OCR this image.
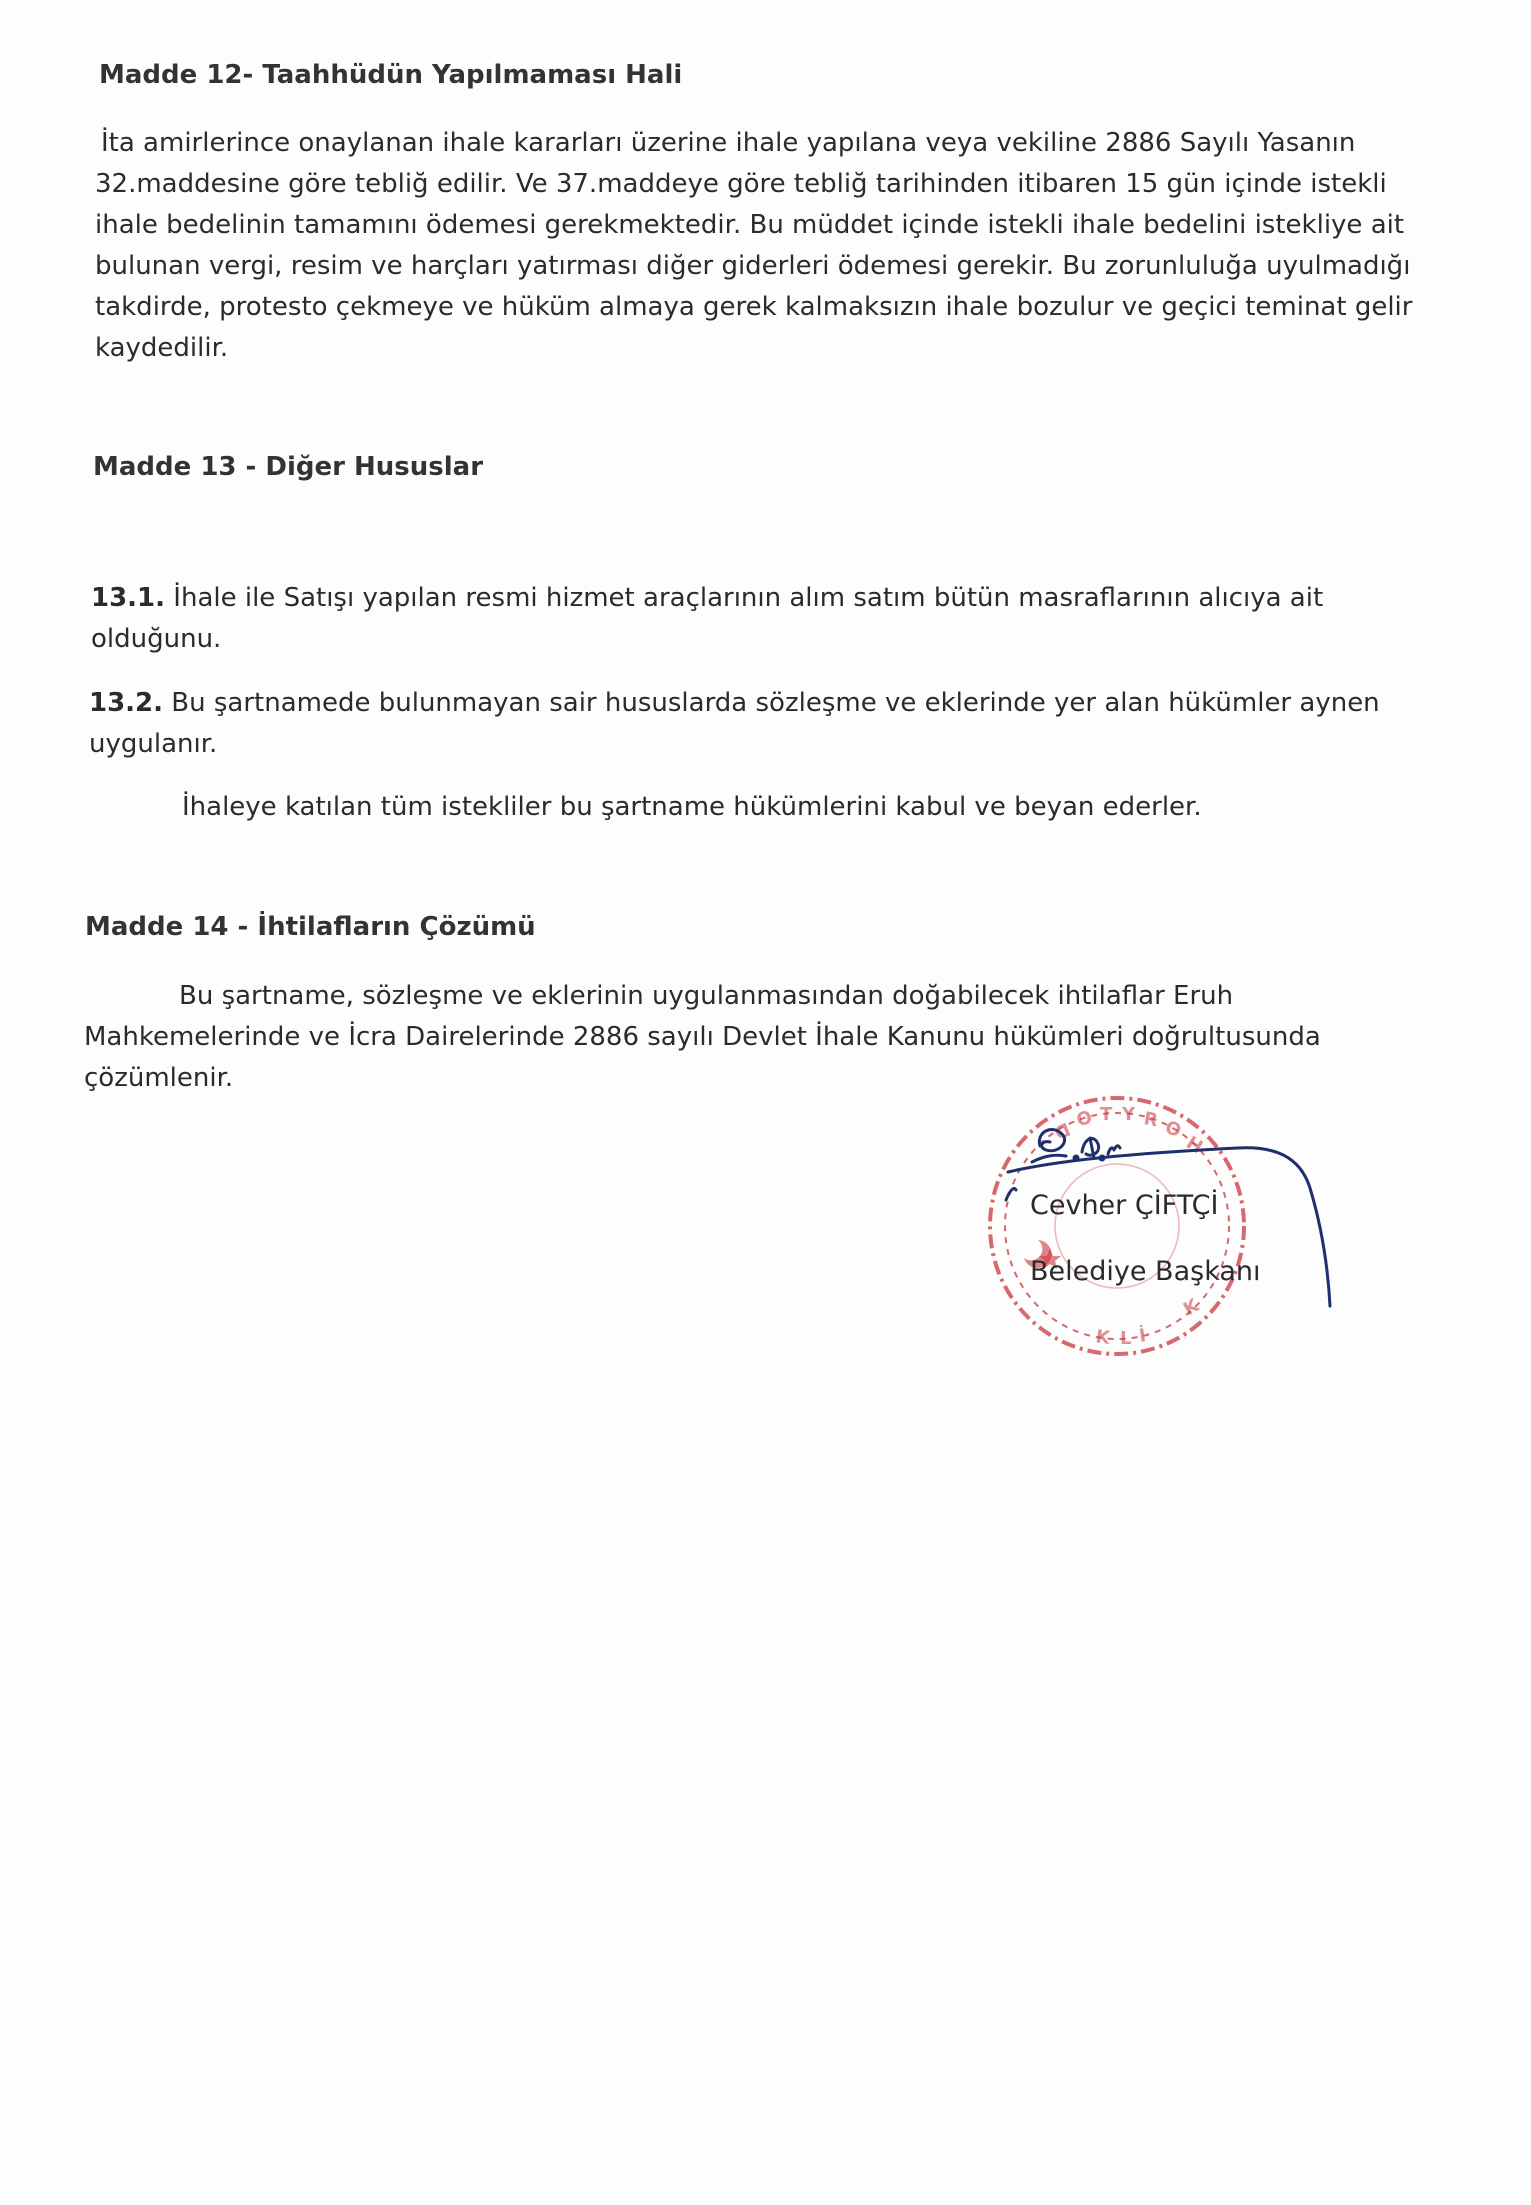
Madde 12- Taahhüdün Yapılmaması Hali
İta amirlerince onaylanan ihale kararları üzerine ihale yapılana veya vekiline 2886 Sayılı Yasanın
32.maddesine göre tebliğ edilir. Ve 37.maddeye göre tebliğ tarihinden itibaren 15 gün içinde istekli
ihale bedelinin tamamını ödemesi gerekmektedir. Bu müddet içinde istekli ihale bedelini istekliye ait
bulunan vergi, resim ve harçları yatırması diğer giderleri ödemesi gerekir. Bu zorunluluğa uyulmadığı
takdirde, protesto çekmeye ve hüküm almaya gerek kalmaksızın ihale bozulur ve geçici teminat gelir
kaydedilir.
Madde 13 - Diğer Hususlar
13.1. İhale ile Satışı yapılan resmi hizmet araçlarının alım satım bütün masraflarının alıcıya ait
olduğunu.
13.2. Bu şartnamede bulunmayan sair hususlarda sözleşme ve eklerinde yer alan hükümler aynen
uygulanır.
İhaleye katılan tüm istekliler bu şartname hükümlerini kabul ve beyan ederler.
Madde 14 - İhtilafların Çözümü
Bu şartname, sözleşme ve eklerinin uygulanmasından doğabilecek ihtilaflar Eruh
Mahkemelerinde ve İcra Dairelerinde 2886 sayılı Devlet İhale Kanunu hükümleri doğrultusunda
çözümlenir.
ᗡ
O T Y R O
H
K L İ
K
Cevher ÇİFTÇİ
Belediye Başkanı
